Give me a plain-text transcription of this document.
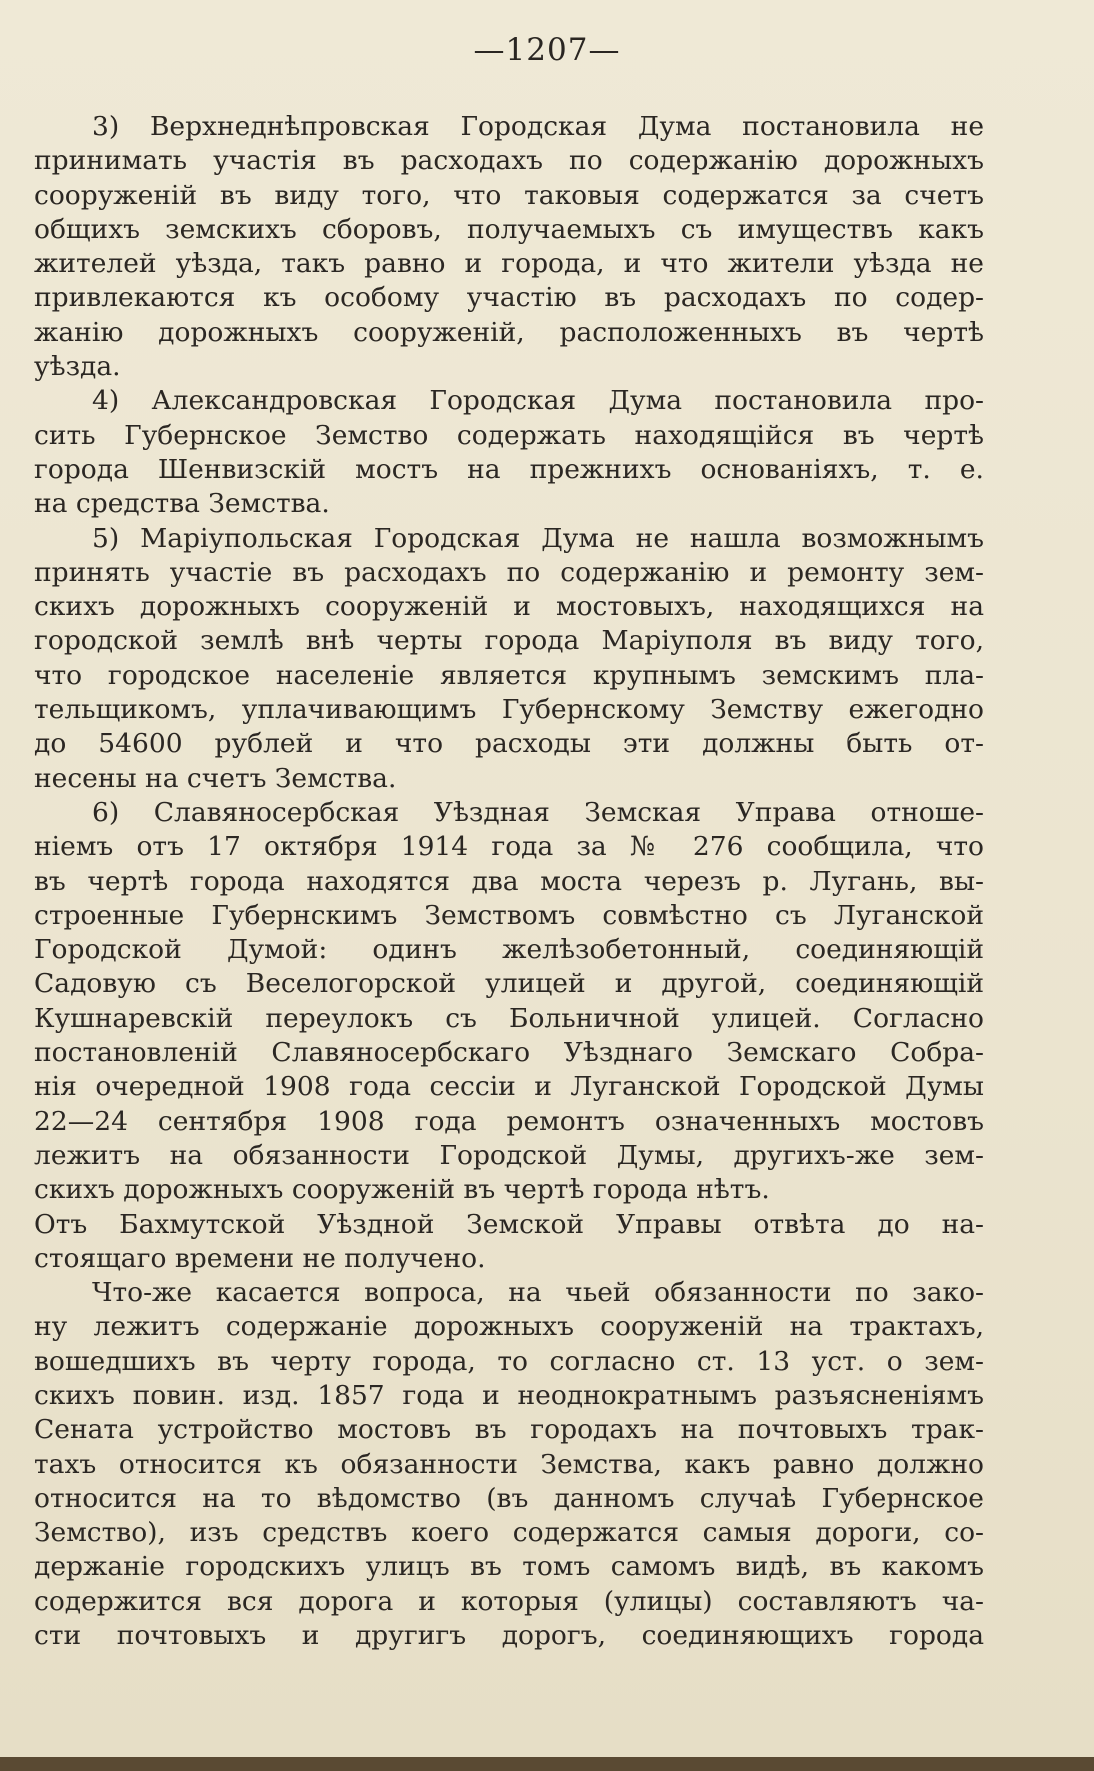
—1207—
3) Верхнеднѣпровская Городская Дума постановила не
принимать участія въ расходахъ по содержанію дорожныхъ
сооруженій въ виду того, что таковыя содержатся за счетъ
общихъ земскихъ сборовъ, получаемыхъ съ имуществъ какъ
жителей уѣзда, такъ равно и города, и что жители уѣзда не
привлекаются къ особому участію въ расходахъ по содер-
жанію дорожныхъ сооруженій, расположенныхъ въ чертѣ
уѣзда.
4) Александровская Городская Дума постановила про-
сить Губернское Земство содержать находящійся въ чертѣ
города Шенвизскій мостъ на прежнихъ основаніяхъ, т. е.
на средства Земства.
5) Маріупольская Городская Дума не нашла возможнымъ
принять участіе въ расходахъ по содержанію и ремонту зем-
скихъ дорожныхъ сооруженій и мостовыхъ, находящихся на
городской землѣ внѣ черты города Маріуполя въ виду того,
что городское населеніе является крупнымъ земскимъ пла-
тельщикомъ, уплачивающимъ Губернскому Земству ежегодно
до 54600 рублей и что расходы эти должны быть от-
несены на счетъ Земства.
6) Славяносербская Уѣздная Земская Управа отноше-
ніемъ отъ 17 октября 1914 года за № 276 сообщила, что
въ чертѣ города находятся два моста черезъ р. Лугань, вы-
строенные Губернскимъ Земствомъ совмѣстно съ Луганской
Городской Думой: одинъ желѣзобетонный, соединяющій
Садовую съ Веселогорской улицей и другой, соединяющій
Кушнаревскій переулокъ съ Больничной улицей. Согласно
постановленій Славяносербскаго Уѣзднаго Земскаго Собра-
нія очередной 1908 года сессіи и Луганской Городской Думы
22—24 сентября 1908 года ремонтъ означенныхъ мостовъ
лежитъ на обязанности Городской Думы, другихъ-же зем-
скихъ дорожныхъ сооруженій въ чертѣ города нѣтъ.
Отъ Бахмутской Уѣздной Земской Управы отвѣта до на-
стоящаго времени не получено.
Что-же касается вопроса, на чьей обязанности по зако-
ну лежитъ содержаніе дорожныхъ сооруженій на трактахъ,
вошедшихъ въ черту города, то согласно ст. 13 уст. о зем-
скихъ повин. изд. 1857 года и неоднократнымъ разъясненіямъ
Сената устройство мостовъ въ городахъ на почтовыхъ трак-
тахъ относится къ обязанности Земства, какъ равно должно
относится на то вѣдомство (въ данномъ случаѣ Губернское
Земство), изъ средствъ коего содержатся самыя дороги, со-
держаніе городскихъ улицъ въ томъ самомъ видѣ, въ какомъ
содержится вся дорога и которыя (улицы) составляютъ ча-
сти почтовыхъ и другигъ дорогъ, соединяющихъ города
